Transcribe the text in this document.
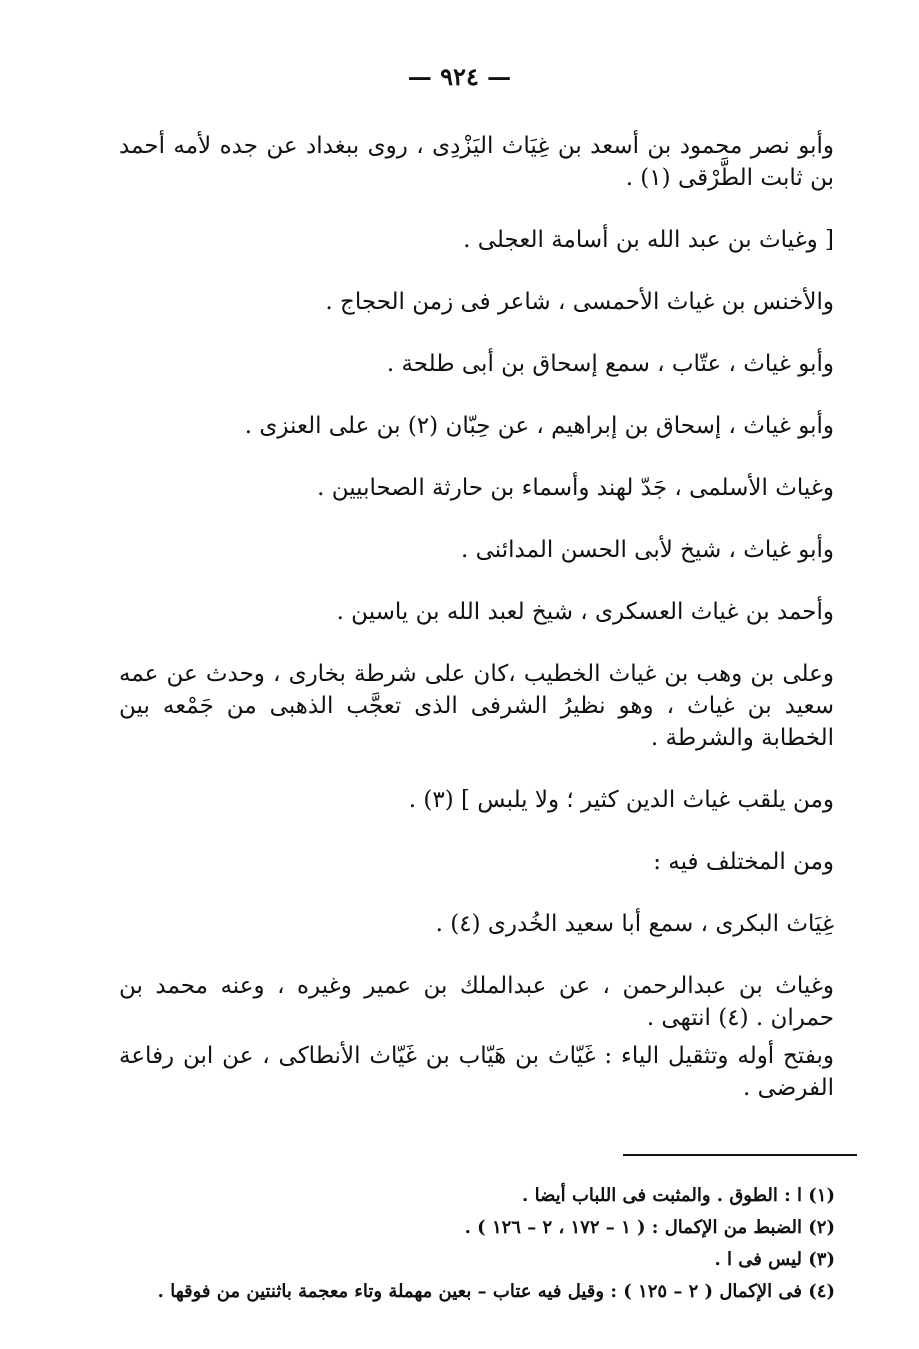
— ٩٢٤ —

وأبو نصر محمود بن أسعد بن غِيَاث اليَزْدِى ، روى ببغداد عن جده لأمه أحمد بن ثابت الطَّرْقى (١) .

[ وغياث بن عبد الله بن أسامة العجلى .

والأخنس بن غياث الأحمسى ، شاعر فى زمن الحجاج .

وأبو غياث ، عتّاب ، سمع إسحاق بن أبى طلحة .

وأبو غياث ، إسحاق بن إبراهيم ، عن حِبّان (٢) بن على العنزى .

وغياث الأسلمى ، جَدّ لهند وأسماء بن حارثة الصحابيين .

وأبو غياث ، شيخ لأبى الحسن المدائنى .

وأحمد بن غياث العسكرى ، شيخ لعبد الله بن ياسين .

وعلى بن وهب بن غياث الخطيب ،كان على شرطة بخارى ، وحدث عن عمه سعيد بن غياث ، وهو نظيرُ الشرفى الذى تعجَّب الذهبى من جَمْعه بين الخطابة والشرطة .

ومن يلقب غياث الدين كثير ؛ ولا يلبس ] (٣) .

ومن المختلف فيه :

غِيَاث البكرى ، سمع أبا سعيد الخُدرى (٤) .

وغياث بن عبدالرحمن ، عن عبدالملك بن عمير وغيره ، وعنه محمد بن حمران . (٤) انتهى .

وبفتح أوله وتثقيل الياء : غَيّاث بن هَيّاب بن غَيّاث الأنطاكى ، عن ابن رفاعة الفرضى .

(١) ا : الطوق . والمثبت فى اللباب أيضا .

(٢) الضبط من الإكمال : ( ١ – ١٧٢ ، ٢ – ١٢٦ ) .

(٣) ليس فى ا .

(٤) فى الإكمال ( ٢ – ١٢٥ ) : وقيل فيه عتاب – بعين مهملة وتاء معجمة باثنتين من فوقها .
